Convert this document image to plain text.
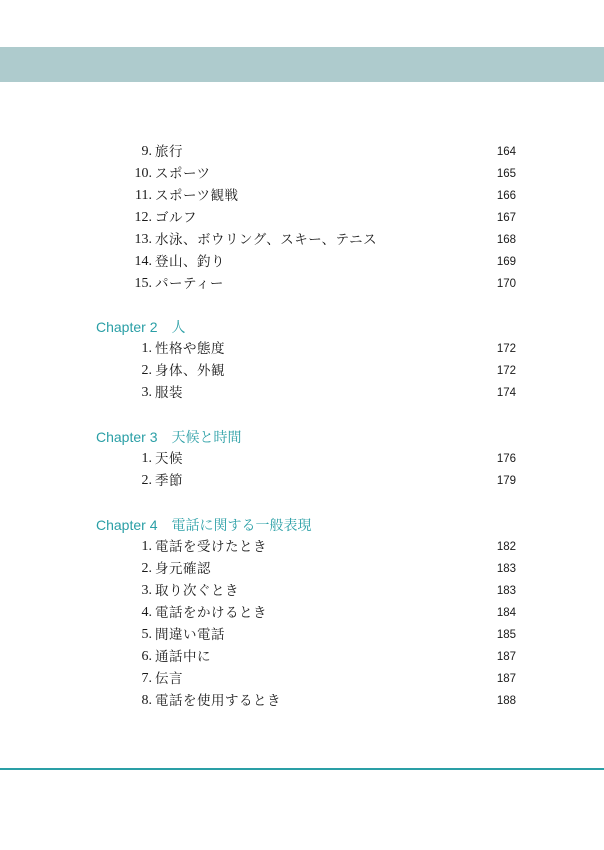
9. 旅行	164
10. スポーツ	165
11. スポーツ観戦	166
12. ゴルフ	167
13. 水泳、ボウリング、スキー、テニス	168
14. 登山、釣り	169
15. パーティー	170
Chapter 2 人
1. 性格や態度	172
2. 身体、外観	172
3. 服装	174
Chapter 3 天候と時間
1. 天候	176
2. 季節	179
Chapter 4 電話に関する一般表現
1. 電話を受けたとき	182
2. 身元確認	183
3. 取り次ぐとき	183
4. 電話をかけるとき	184
5. 間違い電話	185
6. 通話中に	187
7. 伝言	187
8. 電話を使用するとき	188
